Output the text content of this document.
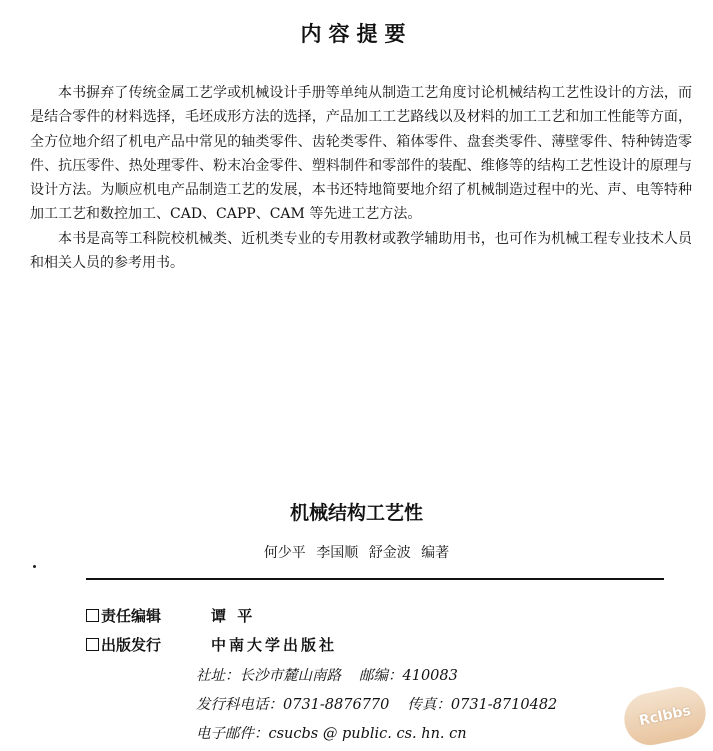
内容提要

本书摒弃了传统金属工艺学或机械设计手册等单纯从制造工艺角度讨论机械结构工艺性设计的方法，而是结合零件的材料选择，毛坯成形方法的选择，产品加工工艺路线以及材料的加工工艺和加工性能等方面，全方位地介绍了机电产品中常见的轴类零件、齿轮类零件、箱体零件、盘套类零件、薄壁零件、特种铸造零件、抗压零件、热处理零件、粉末冶金零件、塑料制件和零部件的装配、维修等的结构工艺性设计的原理与设计方法。为顺应机电产品制造工艺的发展，本书还特地简要地介绍了机械制造过程中的光、声、电等特种加工工艺和数控加工、CAD、CAPP、CAM 等先进工艺方法。

本书是高等工科院校机械类、近机类专业的专用教材或教学辅助用书，也可作为机械工程专业技术人员和相关人员的参考用书。

机械结构工艺性
何少平 李国顺 舒金波 编著
责任编辑	谭 平
出版发行	中南大学出版社
社址：长沙市麓山南路 邮编：410083
发行科电话：0731-8876770 传真：0731-8710482
电子邮件：csucbs @ public. cs. hn. cn
Rclbbs
